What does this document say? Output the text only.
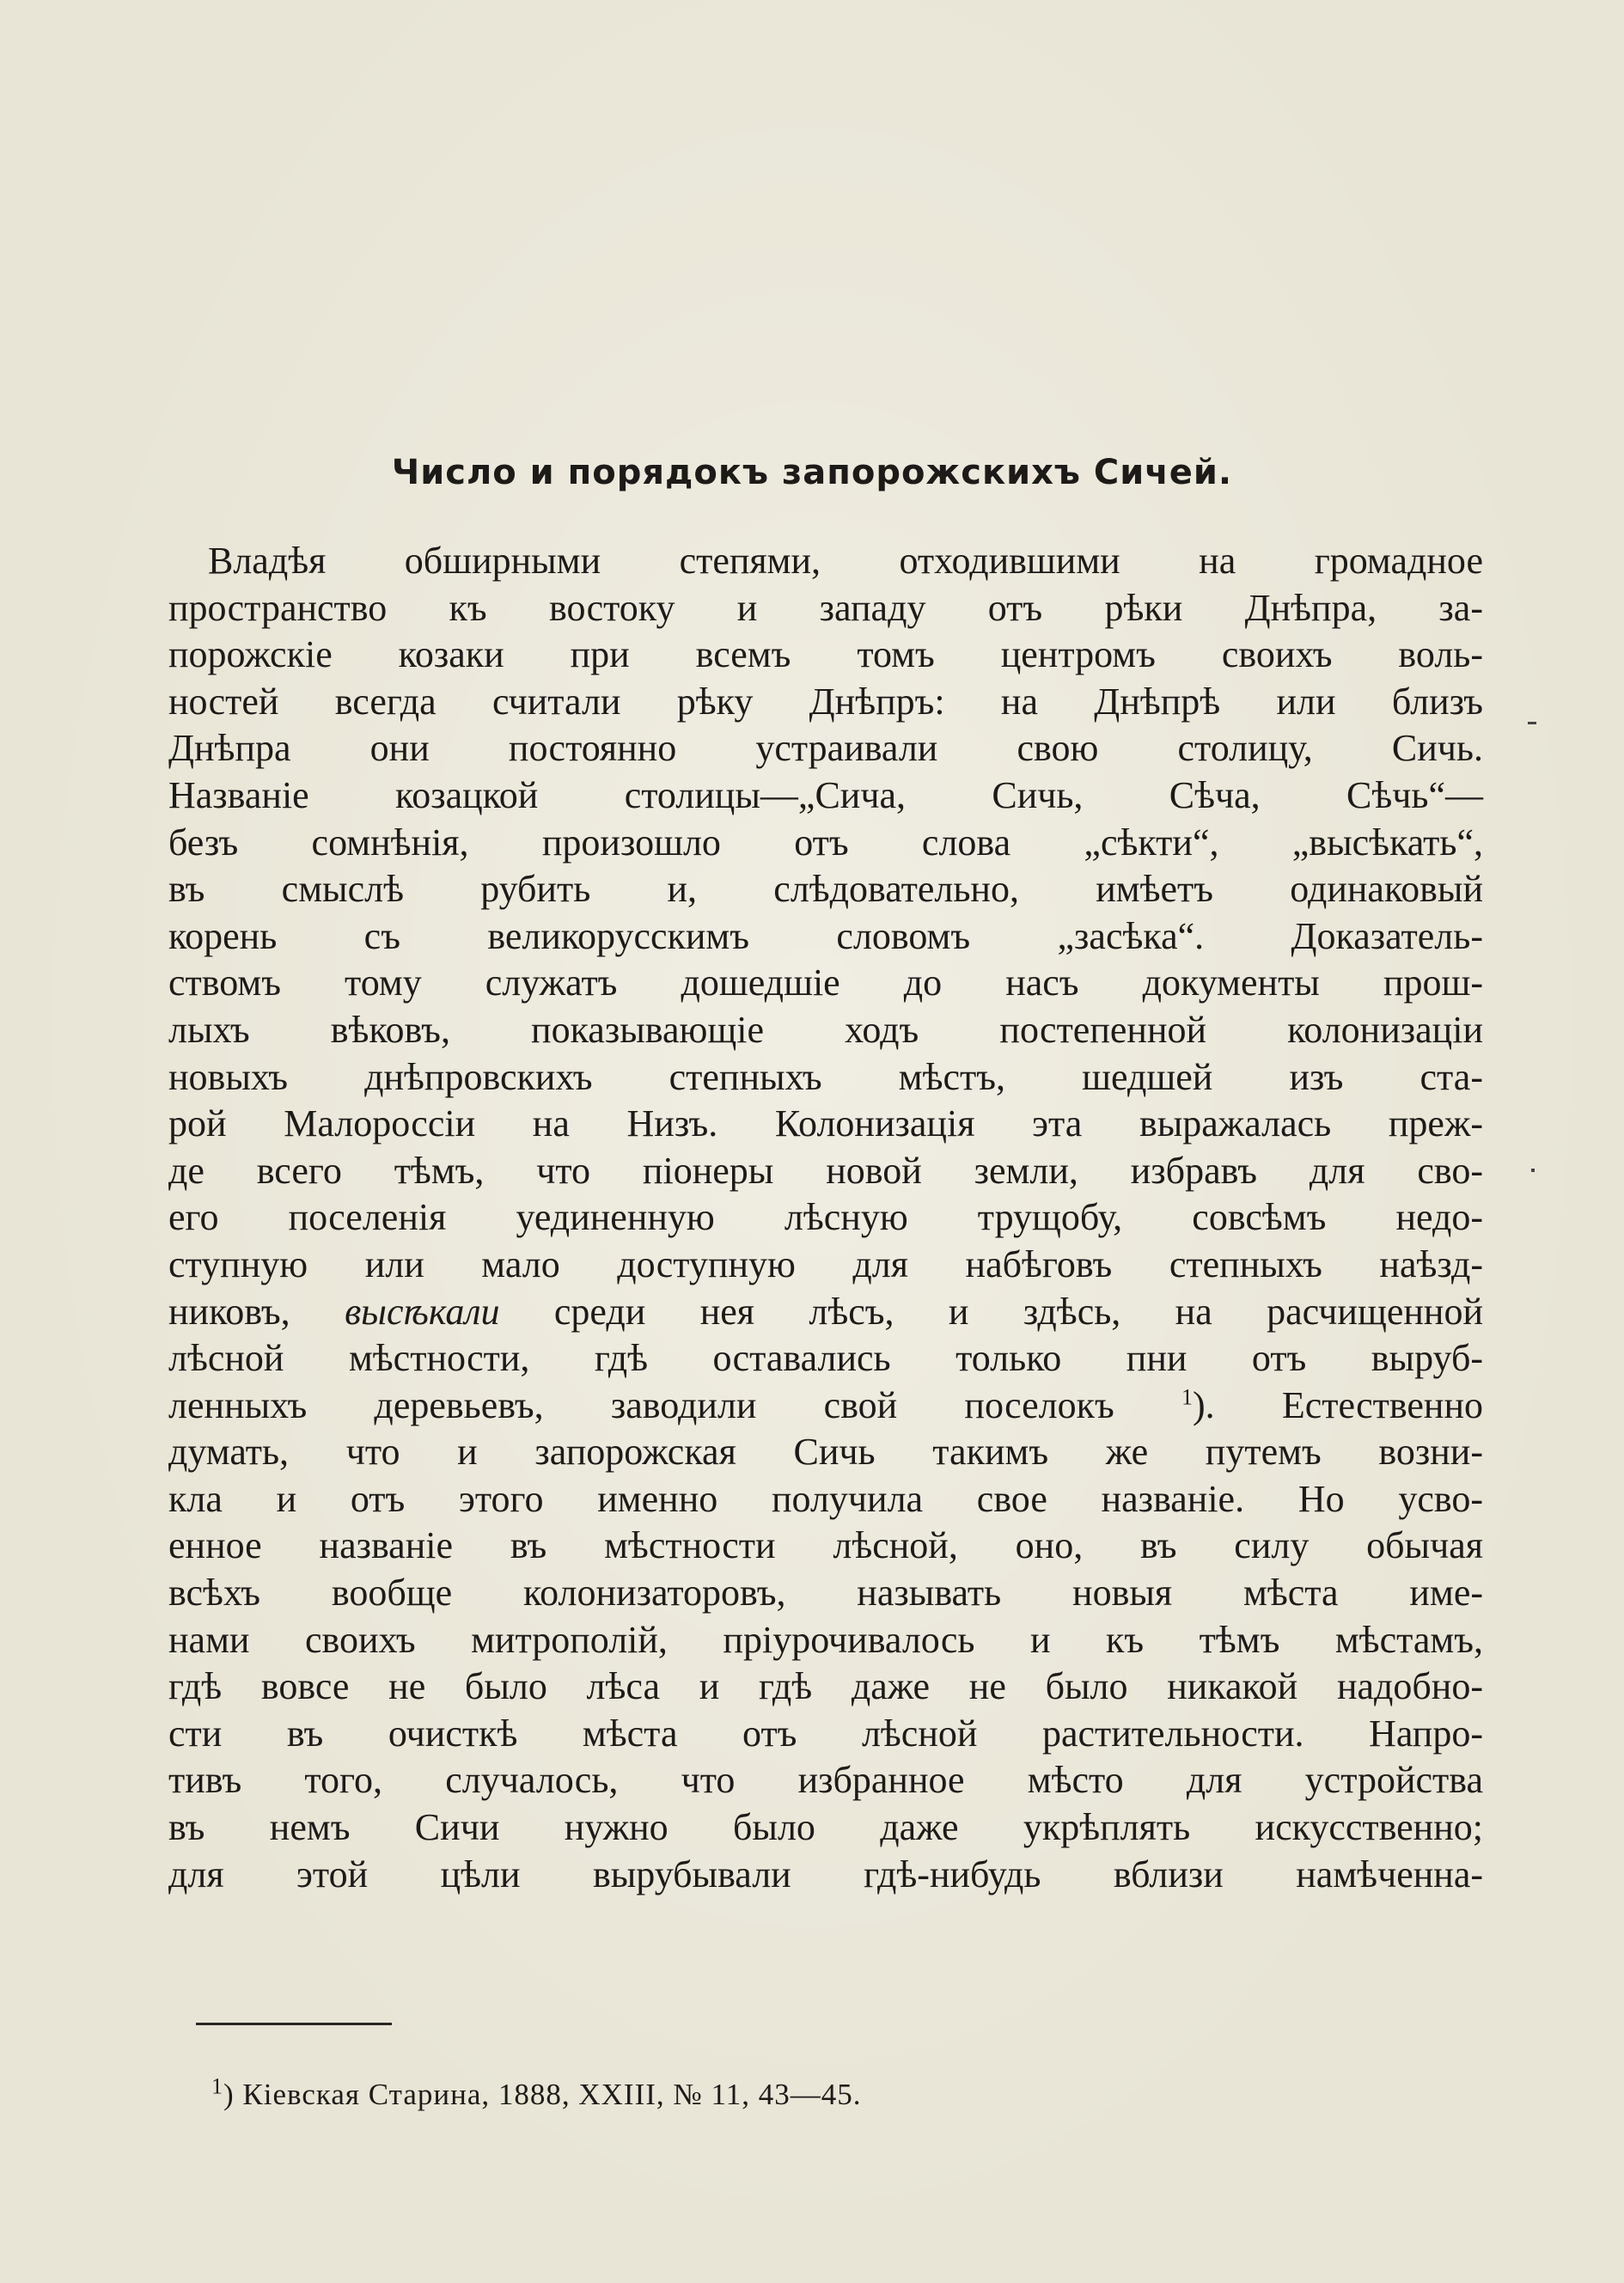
Число и порядокъ запорожскихъ Сичей.
Владѣя обширными степями, отходившими на громадное
пространство къ востоку и западу отъ рѣки Днѣпра, за-
порожскіе козаки при всемъ томъ центромъ своихъ воль-
ностей всегда считали рѣку Днѣпръ: на Днѣпрѣ или близъ
Днѣпра они постоянно устраивали свою столицу, Сичь.
Названіе козацкой столицы—„Сича, Сичь, Сѣча, Сѣчь“—
безъ сомнѣнія, произошло отъ слова „сѣкти“, „высѣкать“,
въ смыслѣ рубить и, слѣдовательно, имѣетъ одинаковый
корень съ великорусскимъ словомъ „засѣка“. Доказатель-
ствомъ тому служатъ дошедшіе до насъ документы прош-
лыхъ вѣковъ, показывающіе ходъ постепенной колонизаціи
новыхъ днѣпровскихъ степныхъ мѣстъ, шедшей изъ ста-
рой Малороссіи на Низъ. Колонизація эта выражалась преж-
де всего тѣмъ, что піонеры новой земли, избравъ для сво-
его поселенія уединенную лѣсную трущобу, совсѣмъ недо-
ступную или мало доступную для набѣговъ степныхъ наѣзд-
никовъ, высѣкали среди нея лѣсъ, и здѣсь, на расчищенной
лѣсной мѣстности, гдѣ оставались только пни отъ выруб-
ленныхъ деревьевъ, заводили свой поселокъ	$^1$). Естественно
думать, что и запорожская Сичь такимъ же путемъ возни-
кла и отъ этого именно получила свое названіе. Но усво-
енное названіе въ мѣстности лѣсной, оно, въ силу обычая
всѣхъ вообще колонизаторовъ, называть новыя мѣста име-
нами своихъ митрополій, пріурочивалось и къ тѣмъ мѣстамъ,
гдѣ вовсе не было лѣса и гдѣ даже не было никакой надобно-
сти въ очисткѣ мѣста отъ лѣсной растительности. Напро-
тивъ того, случалось, что избранное мѣсто для устройства
въ немъ Сичи нужно было даже укрѣплять искусственно;
для этой цѣли вырубывали гдѣ-нибудь вблизи намѣченна-

$^1$) Кіевская Старина, 1888, XXIII, № 11, 43—45.
